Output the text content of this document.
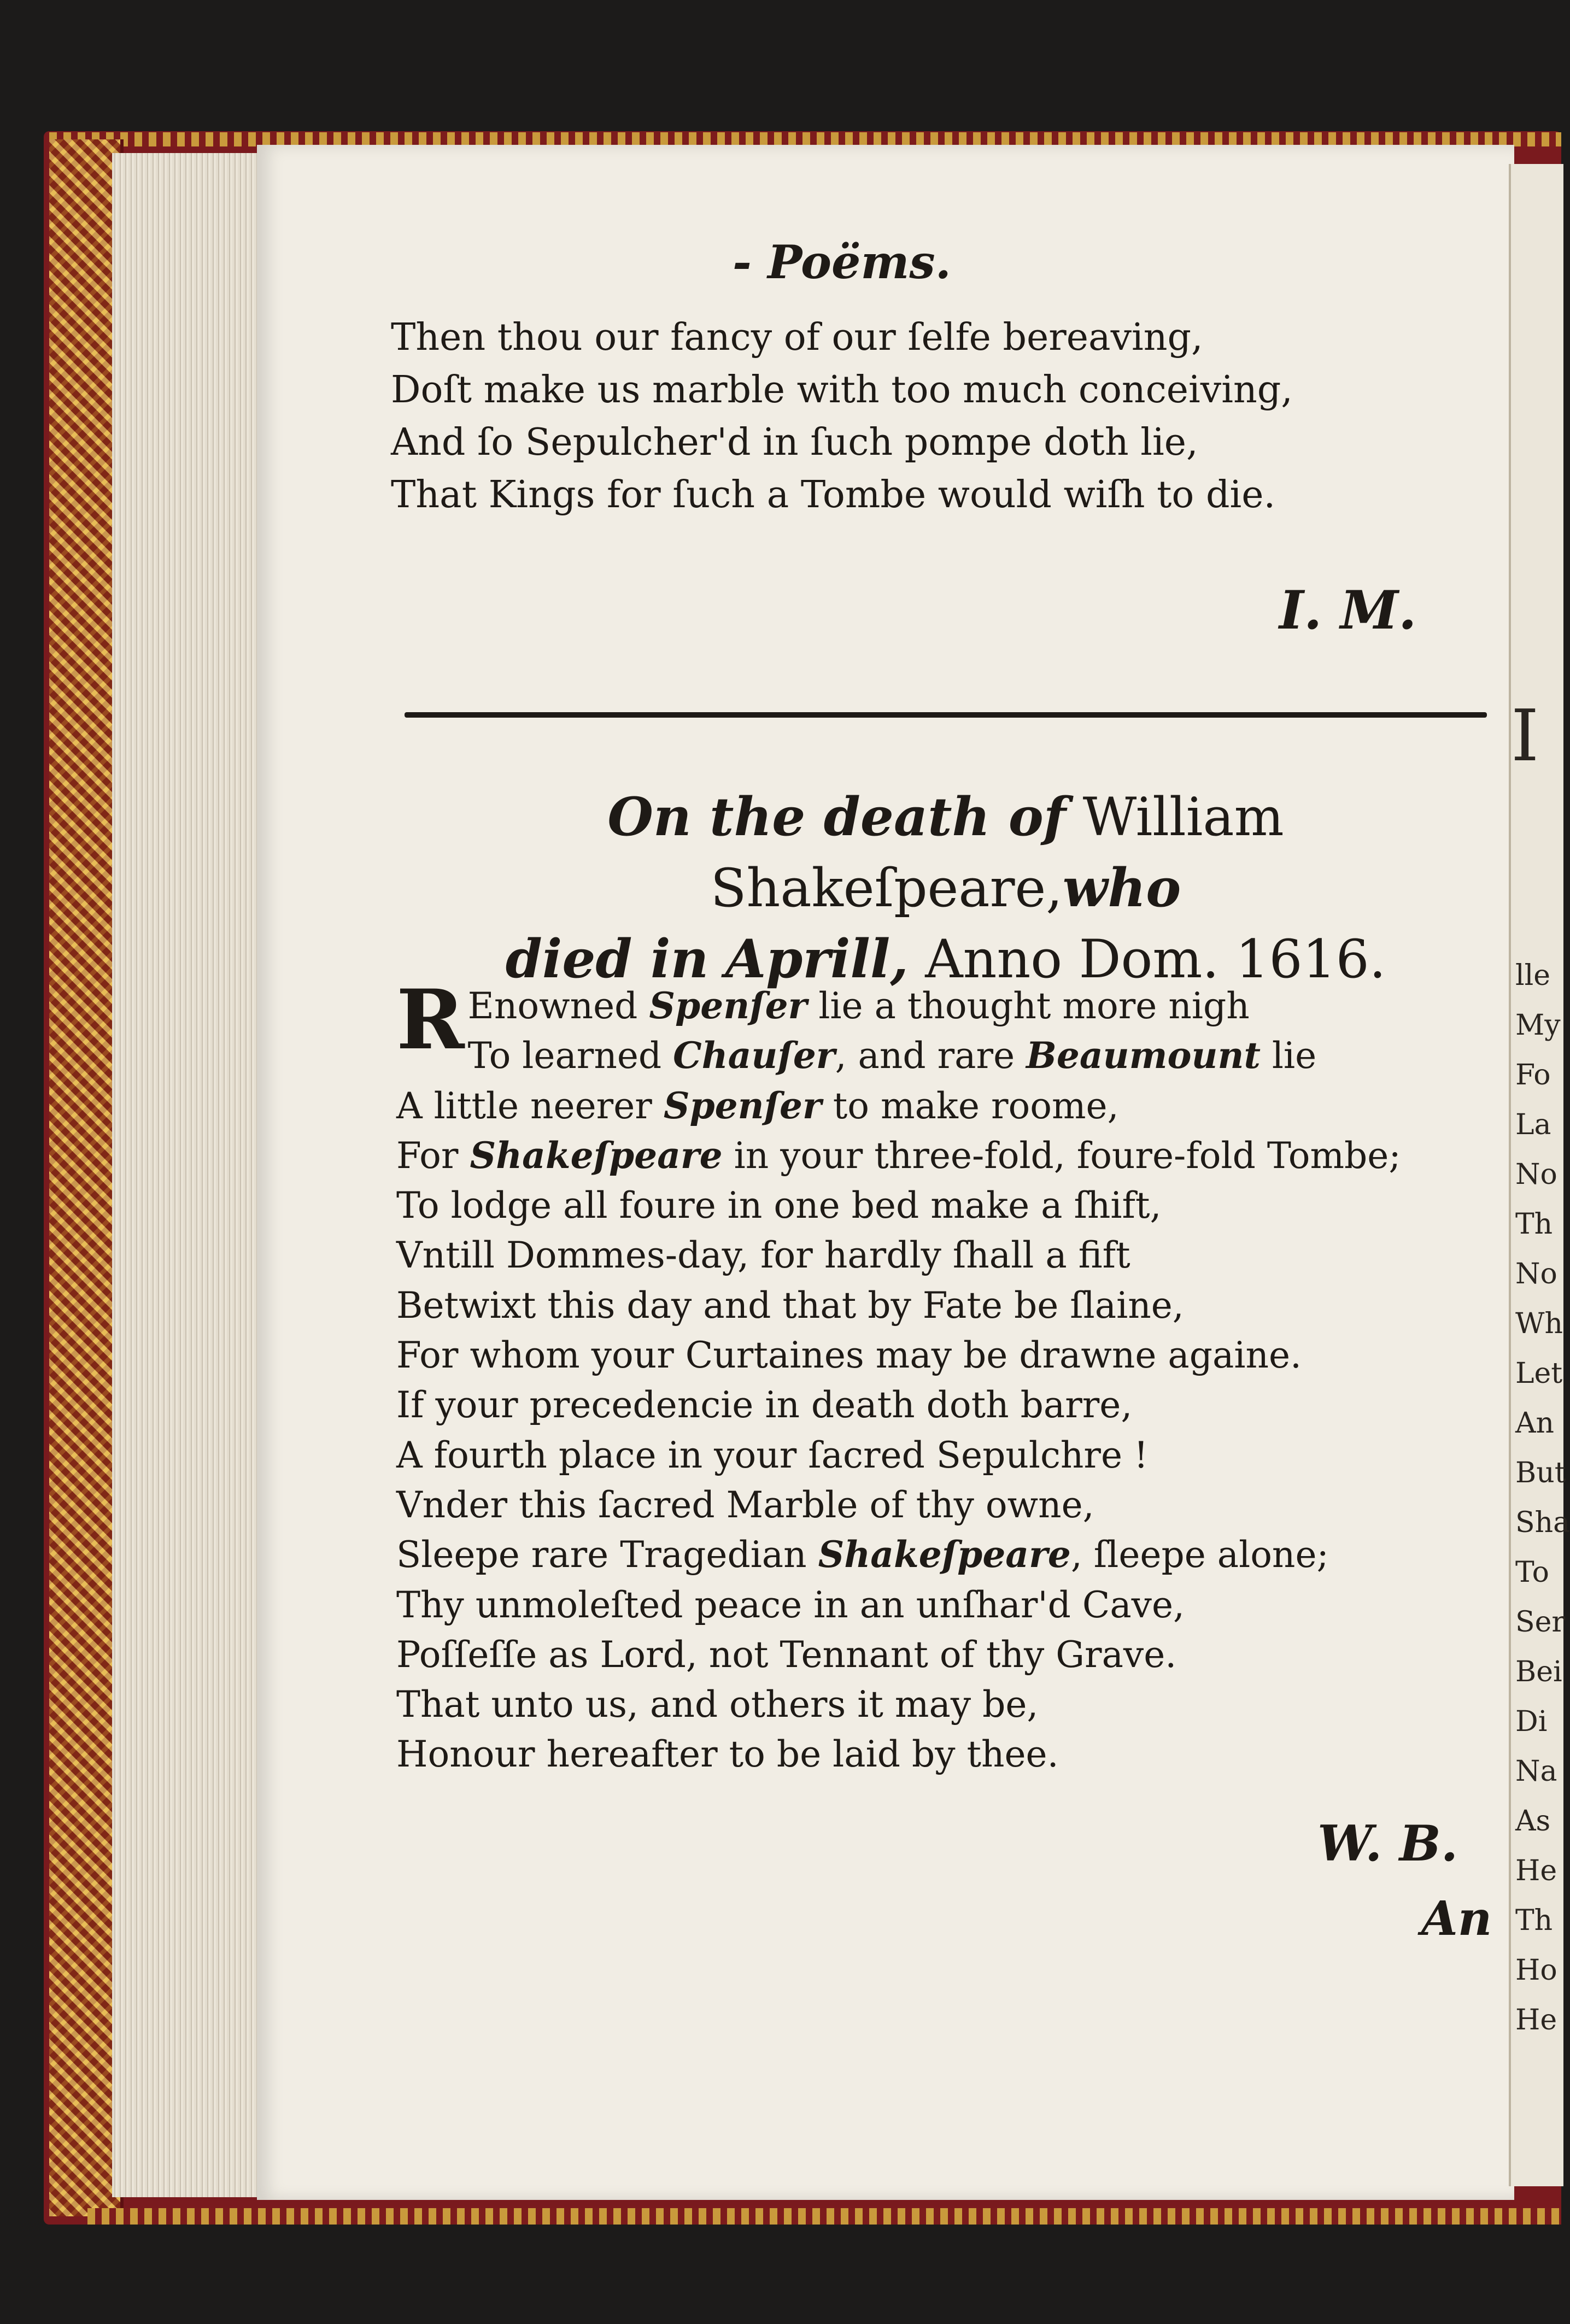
I
lle
My
Fo
La
No
Th
No
Wh
Let
An
But
Sha
To
Ser
Bei
Di
Na
As
He
Th
Ho
He
- Poëms.
Then thou our fancy of our ſelfe bereaving,
Doſt make us marble with too much conceiving,
And ſo Sepulcher'd in ſuch pompe doth lie,
That Kings for ſuch a Tombe would wiſh to die.
I. M.
On the death of William Shakeſpeare,who
died in Aprill, Anno Dom. 1616.
R Enowned Spenſer lie a thought more nigh
To learned Chauſer, and rare Beaumount lie
A little neerer Spenſer to make roome,
For Shakeſpeare in your three-fold, foure-fold Tombe;
To lodge all foure in one bed make a ſhift,
Vntill Dommes-day, for hardly ſhall a fift
Betwixt this day and that by Fate be ſlaine,
For whom your Curtaines may be drawne againe.
If your precedencie in death doth barre,
A fourth place in your ſacred Sepulchre !
Vnder this ſacred Marble of thy owne,
Sleepe rare Tragedian Shakeſpeare, ſleepe alone;
Thy unmoleſted peace in an unſhar'd Cave,
Poſſeſſe as Lord, not Tennant of thy Grave.
That unto us, and others it may be,
Honour hereafter to be laid by thee.
W. B.
An
